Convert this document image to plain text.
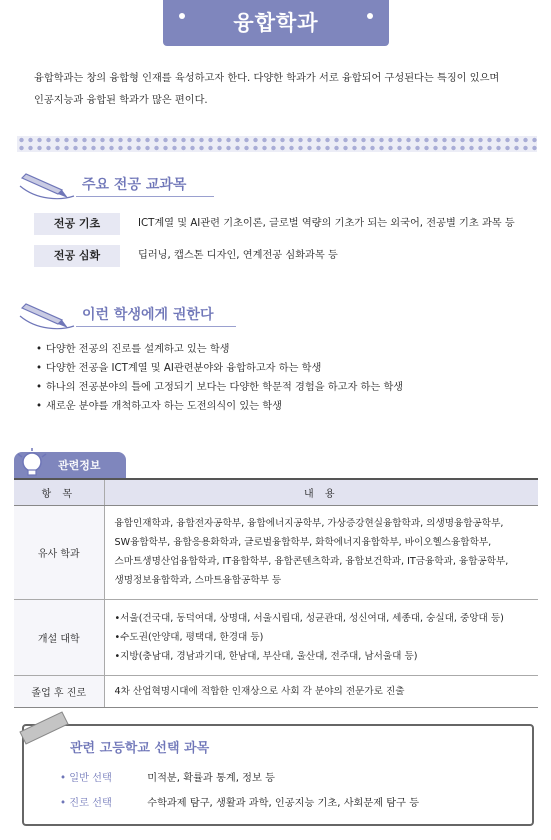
융합학과
융합학과는 창의 융합형 인재를 육성하고자 한다. 다양한 학과가 서로 융합되어 구성된다는 특징이 있으며
인공지능과 융합된 학과가 많은 편이다.
주요 전공 교과목
전공 기초	ICT계열 및 AI관련 기초이론, 글로벌 역량의 기초가 되는 외국어, 전공별 기초 과목 등
전공 심화	딥러닝, 캡스톤 디자인, 연계전공 심화과목 등
이런 학생에게 권한다
• 다양한 전공의 진로를 설계하고 있는 학생
• 다양한 전공을 ICT계열 및 AI관련분야와 융합하고자 하는 학생
• 하나의 전공분야의 틀에 고정되기 보다는 다양한 학문적 경험을 하고자 하는 학생
• 새로운 분야를 개척하고자 하는 도전의식이 있는 학생
관련정보
항 목	내 용
유사 학과	융합인재학과, 융합전자공학부, 융합에너지공학부, 가상증강현실융합학과, 의생명융합공학부,
SW융합학부, 융합응용화학과, 글로벌융합학부, 화학에너지융합학부, 바이오헬스융합학부,
스마트생명산업융합학과, IT융합학부, 융합콘텐츠학과, 융합보건학과, IT금융학과, 융합공학부,
생명정보융합학과, 스마트융합공학부 등

개설 대학	•서울(건국대, 동덕여대, 상명대, 서울시립대, 성균관대, 성신여대, 세종대, 숭실대, 중앙대 등)
•수도권(안양대, 평택대, 한경대 등)
•지방(충남대, 경남과기대, 한남대, 부산대, 울산대, 전주대, 남서울대 등)

졸업 후 진로	4차 산업혁명시대에 적합한 인재상으로 사회 각 분야의 전문가로 진출
관련 고등학교 선택 과목
• 일반 선택	미적분, 확률과 통계, 정보 등
• 진로 선택	수학과제 탐구, 생활과 과학, 인공지능 기초, 사회문제 탐구 등
